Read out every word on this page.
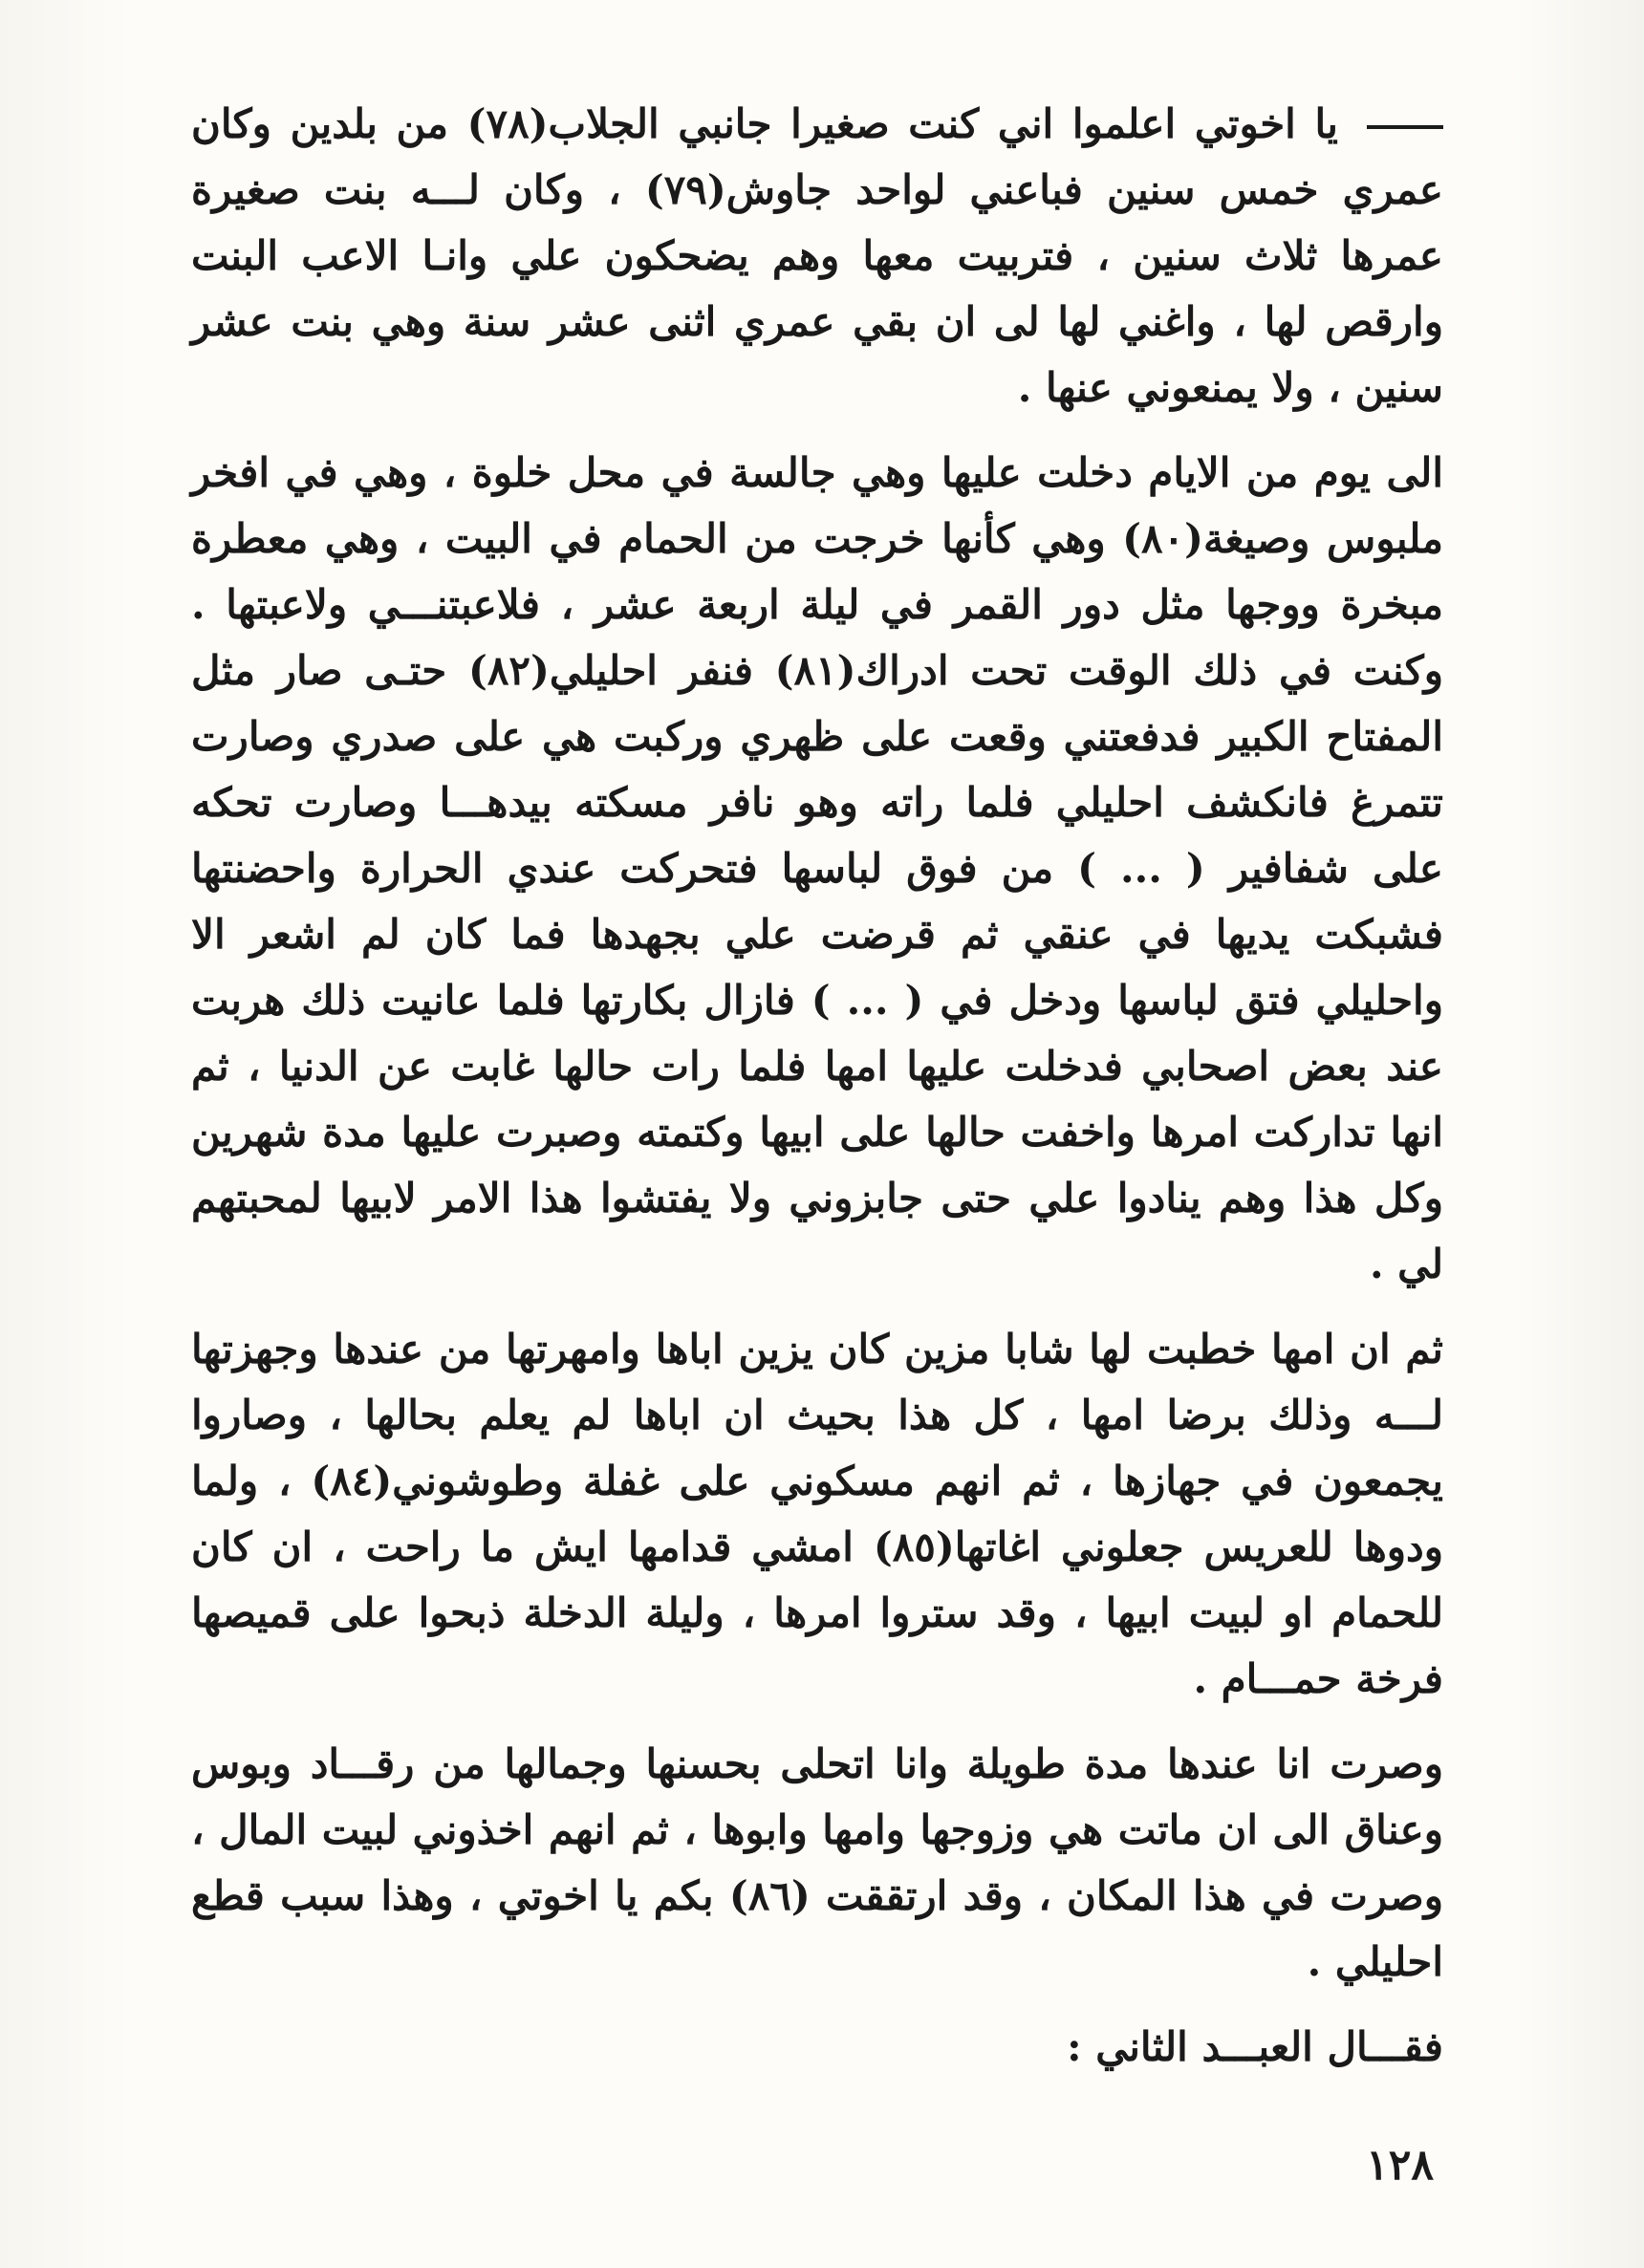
يا اخوتي اعلموا اني كنت صغيرا جانبي الجلاب(٧٨) من بلدين وكان عمري خمس سنين فباعني لواحد جاوش(٧٩) ، وكان لـــه بنت صغيرة عمرها ثلاث سنين ، فتربيت معها وهم يضحكون علي وانـا الاعب البنت وارقص لها ، واغني لها لى ان بقي عمري اثنى عشر سنة وهي بنت عشر سنين ، ولا يمنعوني عنها .

الى يوم من الايام دخلت عليها وهي جالسة في محل خلوة ، وهي في افخر ملبوس وصيغة(٨٠) وهي كأنها خرجت من الحمام في البيت ، وهي معطرة مبخرة ووجها مثل دور القمر في ليلة اربعة عشر ، فلاعبتنـــي ولاعبتها . وكنت في ذلك الوقت تحت ادراك(٨١) فنفر احليلي(٨٢) حتـى صار مثل المفتاح الكبير فدفعتني وقعت على ظهري وركبت هي على صدري وصارت تتمرغ فانكشف احليلي فلما راته وهو نافر مسكته بيدهـــا وصارت تحكه على شفافير ( ... ) من فوق لباسها فتحركت عندي الحرارة واحضنتها فشبكت يديها في عنقي ثم قرضت علي بجهدها فما كان لم اشعر الا واحليلي فتق لباسها ودخل في ( ... ) فازال بكارتها فلما عانيت ذلك هربت عند بعض اصحابي فدخلت عليها امها فلما رات حالها غابت عن الدنيا ، ثم انها تداركت امرها واخفت حالها على ابيها وكتمته وصبرت عليها مدة شهرين وكل هذا وهم ينادوا علي حتى جابزوني ولا يفتشوا هذا الامر لابيها لمحبتهم لي .

ثم ان امها خطبت لها شابا مزين كان يزين اباها وامهرتها من عندها وجهزتها لـــه وذلك برضا امها ، كل هذا بحيث ان اباها لم يعلم بحالها ، وصاروا يجمعون في جهازها ، ثم انهم مسكوني على غفلة وطوشوني(٨٤) ، ولما ودوها للعريس جعلوني اغاتها(٨٥) امشي قدامها ايش ما راحت ، ان كان للحمام او لبيت ابيها ، وقد ستروا امرها ، وليلة الدخلة ذبحوا على قميصها فرخة حمـــام .

وصرت انا عندها مدة طويلة وانا اتحلى بحسنها وجمالها من رقـــاد وبوس وعناق الى ان ماتت هي وزوجها وامها وابوها ، ثم انهم اخذوني لبيت المال ، وصرت في هذا المكان ، وقد ارتققت (٨٦) بكم يا اخوتي ، وهذا سبب قطع احليلي .

فقـــال العبـــد الثاني :

١٢٨
